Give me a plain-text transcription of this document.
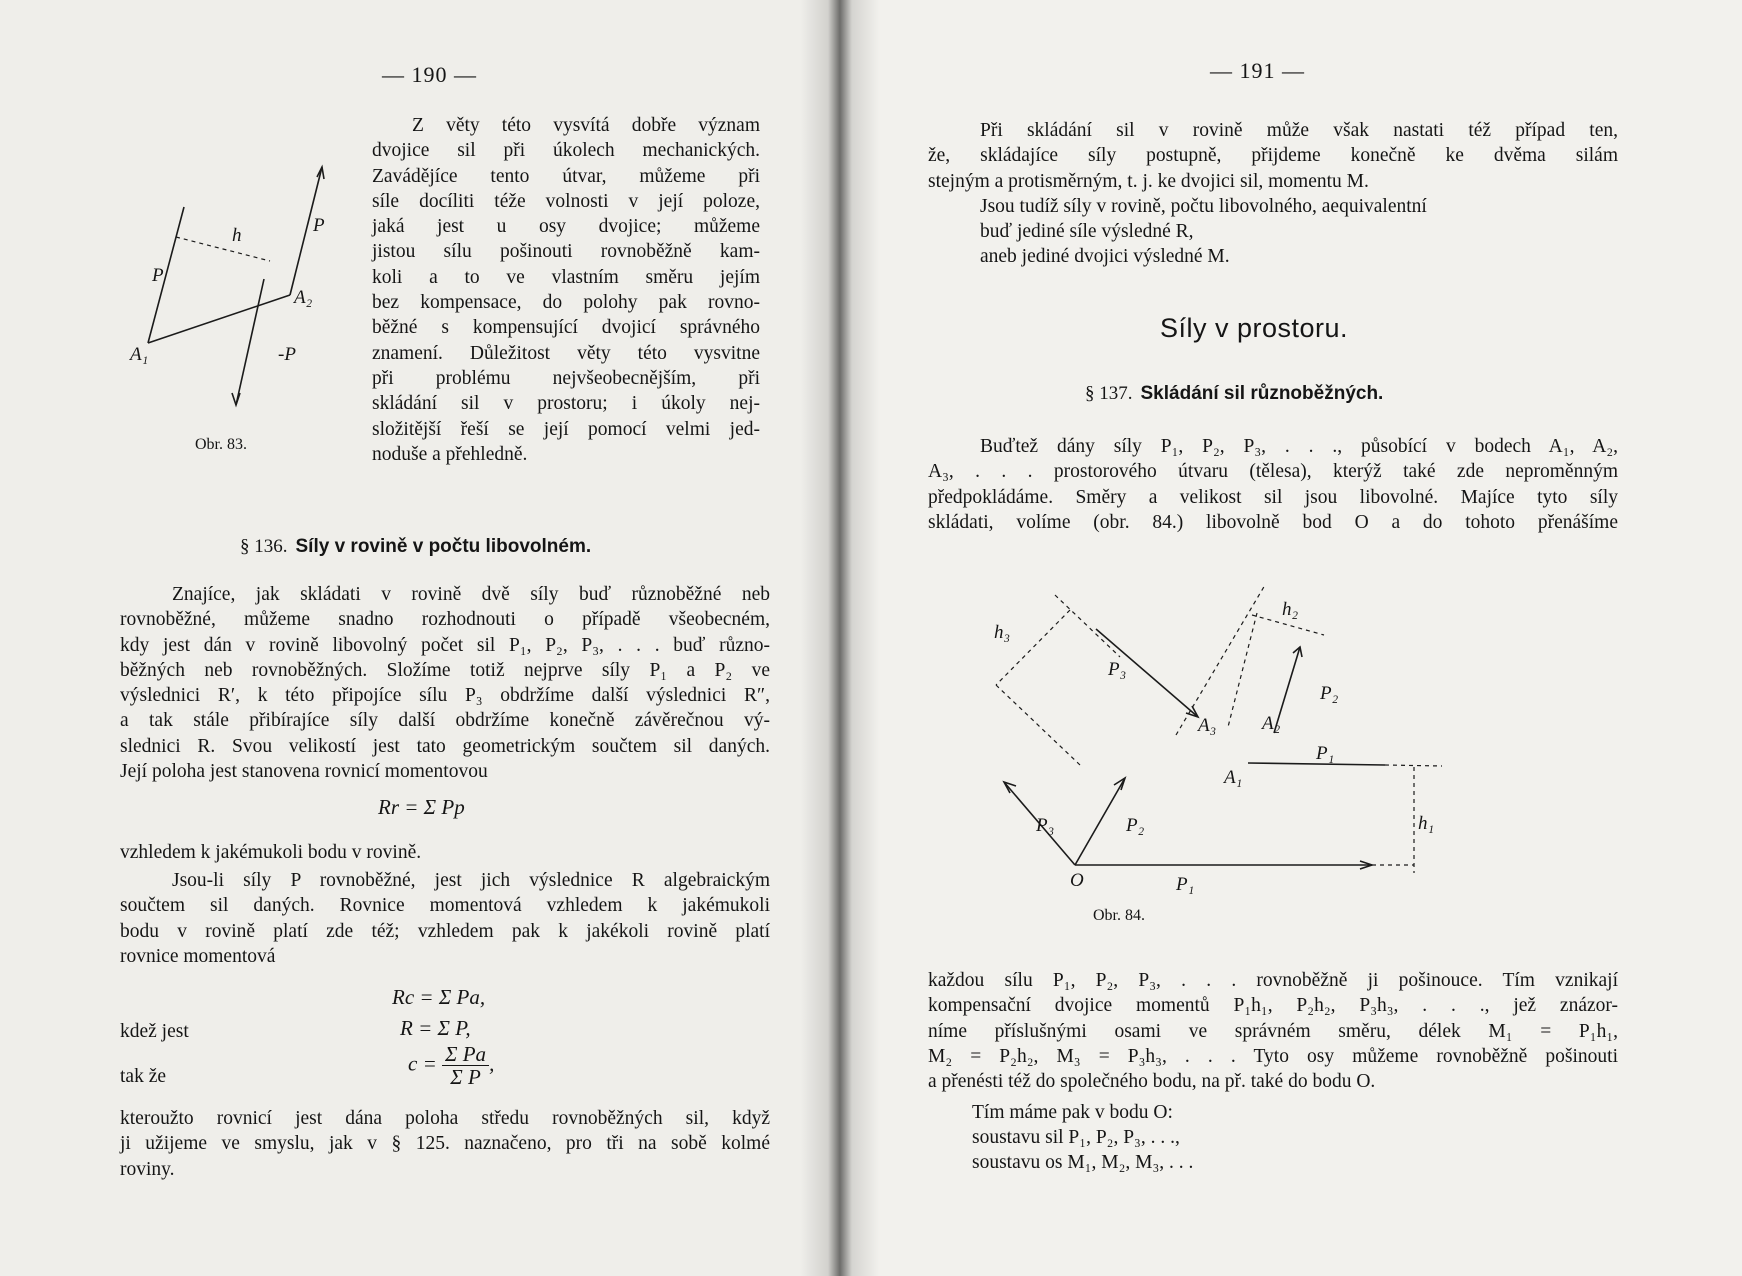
— 190 —
P
h	P
A₂
-P
A₁
Obr. 83.
Z věty této vysvítá dobře význam
dvojice sil při úkolech mechanických.
Zavádějíce tento útvar, můžeme při
síle docíliti téže volnosti v její poloze,
jaká jest u osy dvojice; můžeme
jistou sílu pošinouti rovnoběžně kam-
koli a to ve vlastním směru jejím
bez kompensace, do polohy pak rovno-
běžné s kompensující dvojicí správného
znamení. Důležitost věty této vysvitne
při problému nejvšeobecnějším, při
skládání sil v prostoru; i úkoly nej-
složitější řeší se její pomocí velmi jed-
noduše a přehledně.
§ 136. Síly v rovině v počtu libovolném.
Znajíce, jak skládati v rovině dvě síly buď různoběžné neb
rovnoběžné, můžeme snadno rozhodnouti o případě všeobecném,
kdy jest dán v rovině libovolný počet sil P₁, P₂, P₃, . . . buď různo-
běžných neb rovnoběžných. Složíme totiž nejprve síly P₁ a P₂ ve
výslednici R′, k této připojíce sílu P₃ obdržíme další výslednici R″,
a tak stále přibírajíce síly další obdržíme konečně závěrečnou vý-
slednici R. Svou velikostí jest tato geometrickým součtem sil daných.
Její poloha jest stanovena rovnicí momentovou
Rr = Σ Pp
vzhledem k jakémukoli bodu v rovině.
Jsou-li síly P rovnoběžné, jest jich výslednice R algebraickým
součtem sil daných. Rovnice momentová vzhledem k jakémukoli
bodu v rovině platí zde též; vzhledem pak k jakékoli rovině platí
rovnice momentová
Rc = Σ Pa,
kdež jest	R = Σ P,
tak že
$c = \frac{\text{Σ Pa}}{\text{Σ P}}$ ,
kteroužto rovnicí jest dána poloha středu rovnoběžných sil, když
ji užijeme ve smyslu, jak v § 125. naznačeno, pro tři na sobě kolmé
roviny.
— 191 —
Při skládání sil v rovině může však nastati též případ ten,
že, skládajíce síly postupně, přijdeme konečně ke dvěma silám
stejným a protisměrným, t. j. ke dvojici sil, momentu M.
Jsou tudíž síly v rovině, počtu libovolného, aequivalentní
buď jediné síle výsledné R,
aneb jediné dvojici výsledné M.
Síly v prostoru.
§ 137. Skládání sil různoběžných.
Buďtež dány síly P₁, P₂, P₃, . . ., působící v bodech A₁, A₂,
A₃, . . . prostorového útvaru (tělesa), kterýž také zde neproměnným
předpokládáme. Směry a velikost sil jsou libovolné. Majíce tyto síly
skládati, volíme (obr. 84.) libovolně bod O a do tohoto přenášíme
h₃
P₃
A₃
h₂
P₂
A₂
P₁
A₁
h₁
P₃	P₂
O	P₁
Obr. 84.
každou sílu P₁, P₂, P₃, . . . rovnoběžně ji pošinouce. Tím vznikají
kompensační dvojice momentů P₁h₁, P₂h₂, P₃h₃, . . ., jež znázor-
níme příslušnými osami ve správném směru, délek M₁ = P₁h₁,
M₂ = P₂h₂, M₃ = P₃h₃, . . . Tyto osy můžeme rovnoběžně pošinouti
a přenésti též do společného bodu, na př. také do bodu O.
Tím máme pak v bodu O:
soustavu sil P₁, P₂, P₃, . . .,
soustavu os M₁, M₂, M₃, . . .
